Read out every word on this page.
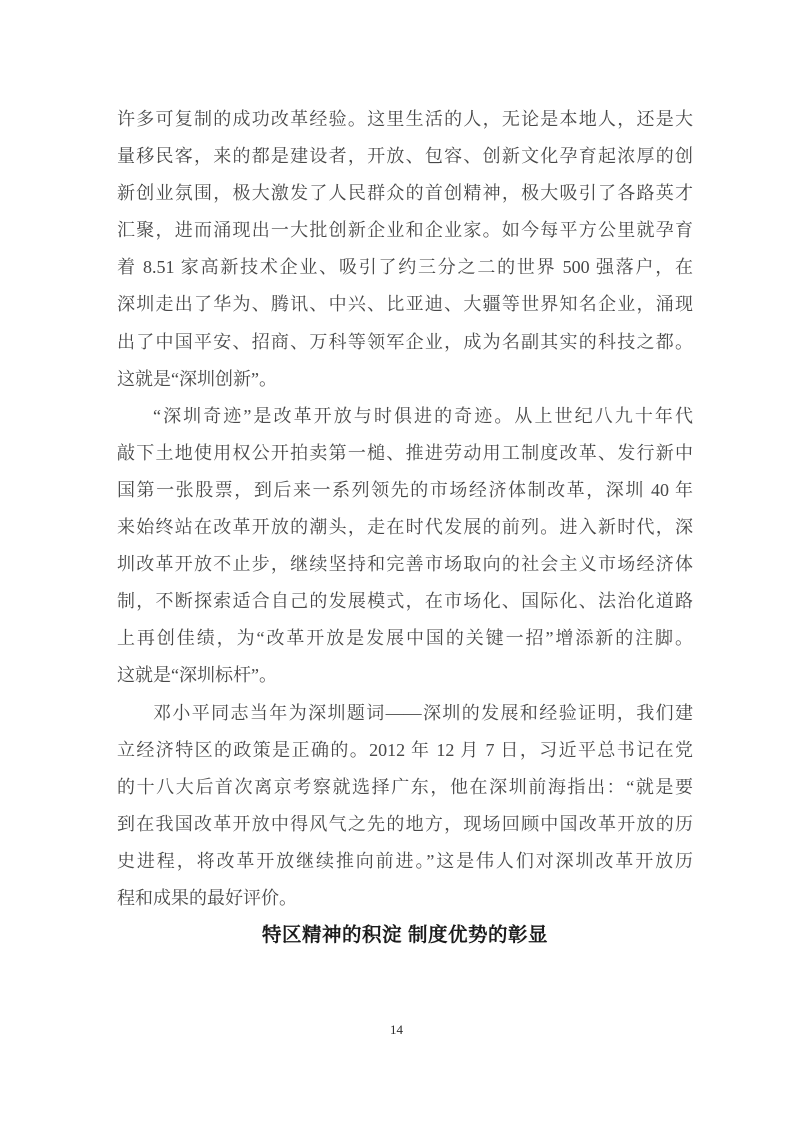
许多可复制的成功改革经验。这里生活的人，无论是本地人，还是大
量移民客，来的都是建设者，开放、包容、创新文化孕育起浓厚的创
新创业氛围，极大激发了人民群众的首创精神，极大吸引了各路英才
汇聚，进而涌现出一大批创新企业和企业家。如今每平方公里就孕育
着 8.51 家高新技术企业、吸引了约三分之二的世界 500 强落户，在
深圳走出了华为、腾讯、中兴、比亚迪、大疆等世界知名企业，涌现
出了中国平安、招商、万科等领军企业，成为名副其实的科技之都。
这就是“深圳创新”。
“深圳奇迹”是改革开放与时俱进的奇迹。从上世纪八九十年代
敲下土地使用权公开拍卖第一槌、推进劳动用工制度改革、发行新中
国第一张股票，到后来一系列领先的市场经济体制改革，深圳 40 年
来始终站在改革开放的潮头，走在时代发展的前列。进入新时代，深
圳改革开放不止步，继续坚持和完善市场取向的社会主义市场经济体
制，不断探索适合自己的发展模式，在市场化、国际化、法治化道路
上再创佳绩，为“改革开放是发展中国的关键一招”增添新的注脚。
这就是“深圳标杆”。
邓小平同志当年为深圳题词——深圳的发展和经验证明，我们建
立经济特区的政策是正确的。2012 年 12 月 7 日，习近平总书记在党
的十八大后首次离京考察就选择广东，他在深圳前海指出：“就是要
到在我国改革开放中得风气之先的地方，现场回顾中国改革开放的历
史进程，将改革开放继续推向前进。”这是伟人们对深圳改革开放历
程和成果的最好评价。
特区精神的积淀 制度优势的彰显
14
